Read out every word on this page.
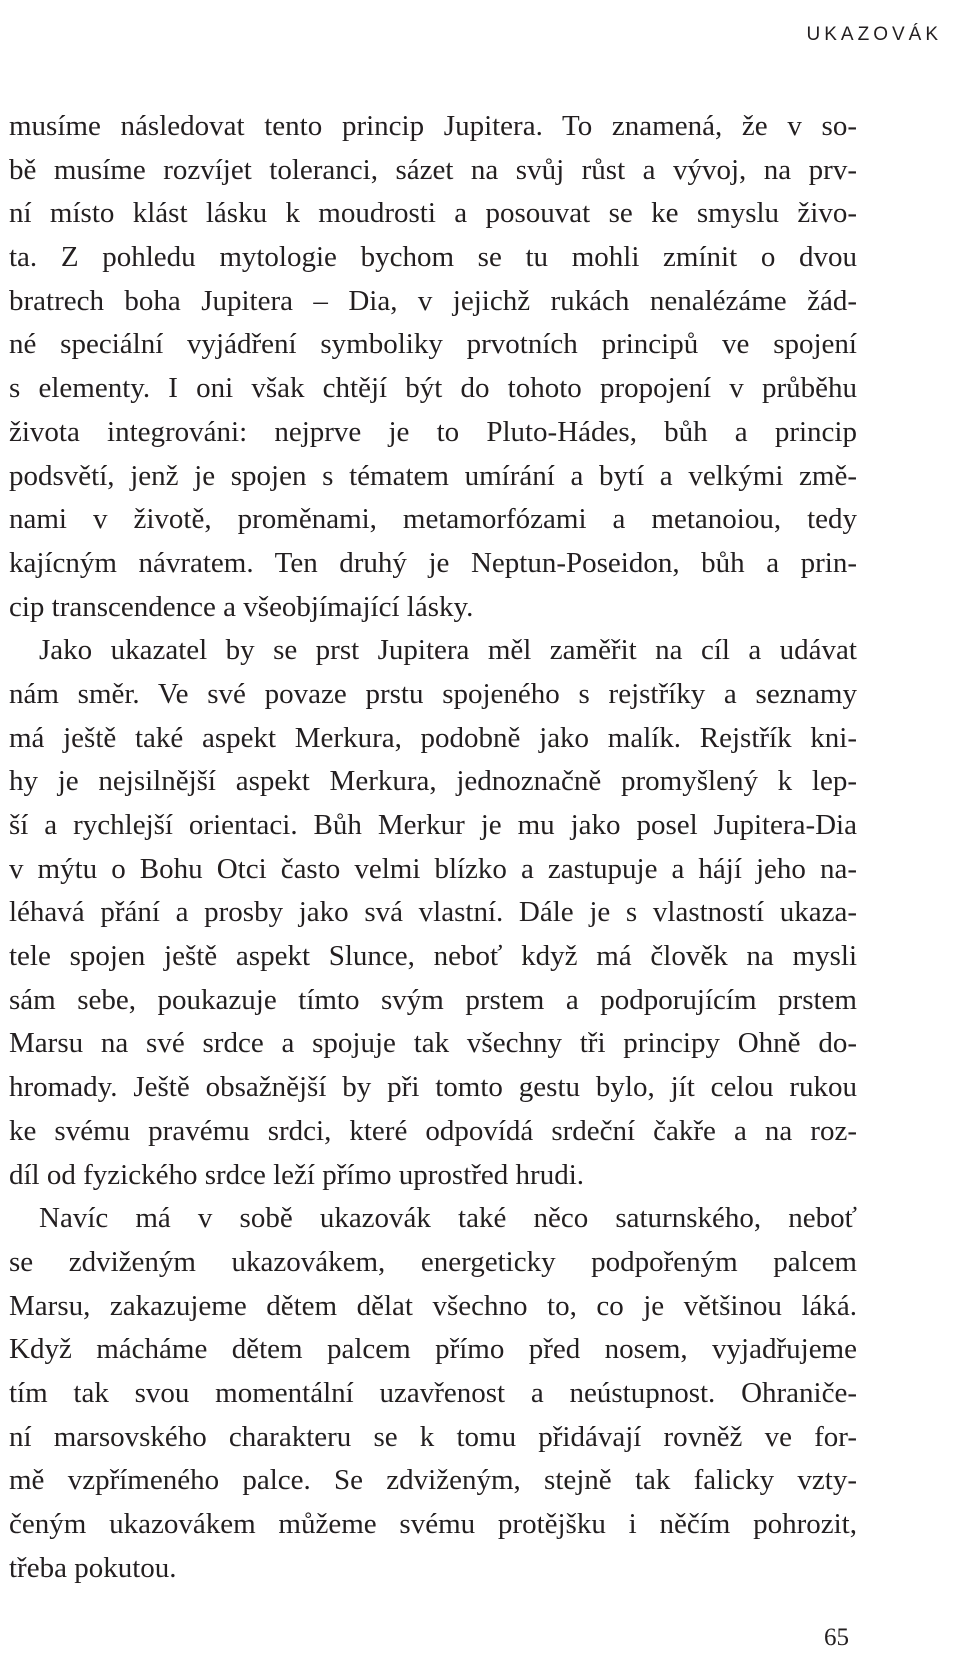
UKAZOVÁK
musíme následovat tento princip Jupitera. To znamená, že v so-
bě musíme rozvíjet toleranci, sázet na svůj růst a vývoj, na prv-
ní místo klást lásku k moudrosti a posouvat se ke smyslu živo-
ta. Z pohledu mytologie bychom se tu mohli zmínit o dvou
bratrech boha Jupitera – Dia, v jejichž rukách nenalézáme žád-
né speciální vyjádření symboliky prvotních principů ve spojení
s elementy. I oni však chtějí být do tohoto propojení v průběhu
života integrováni: nejprve je to Pluto-Hádes, bůh a princip
podsvětí, jenž je spojen s tématem umírání a bytí a velkými změ-
nami v životě, proměnami, metamorfózami a metanoiou, tedy
kajícným návratem. Ten druhý je Neptun-Poseidon, bůh a prin-
cip transcendence a všeobjímající lásky.
Jako ukazatel by se prst Jupitera měl zaměřit na cíl a udávat
nám směr. Ve své povaze prstu spojeného s rejstříky a seznamy
má ještě také aspekt Merkura, podobně jako malík. Rejstřík kni-
hy je nejsilnější aspekt Merkura, jednoznačně promyšlený k lep-
ší a rychlejší orientaci. Bůh Merkur je mu jako posel Jupitera-Dia
v mýtu o Bohu Otci často velmi blízko a zastupuje a hájí jeho na-
léhavá přání a prosby jako svá vlastní. Dále je s vlastností ukaza-
tele spojen ještě aspekt Slunce, neboť když má člověk na mysli
sám sebe, poukazuje tímto svým prstem a podporujícím prstem
Marsu na své srdce a spojuje tak všechny tři principy Ohně do-
hromady. Ještě obsažnější by při tomto gestu bylo, jít celou rukou
ke svému pravému srdci, které odpovídá srdeční čakře a na roz-
díl od fyzického srdce leží přímo uprostřed hrudi.
Navíc má v sobě ukazovák také něco saturnského, neboť
se zdviženým ukazovákem, energeticky podpořeným palcem
Marsu, zakazujeme dětem dělat všechno to, co je většinou láká.
Když mácháme dětem palcem přímo před nosem, vyjadřujeme
tím tak svou momentální uzavřenost a neústupnost. Ohraniče-
ní marsovského charakteru se k tomu přidávají rovněž ve for-
mě vzpřímeného palce. Se zdviženým, stejně tak falicky vzty-
čeným ukazovákem můžeme svému protějšku i něčím pohrozit,
třeba pokutou.
65
